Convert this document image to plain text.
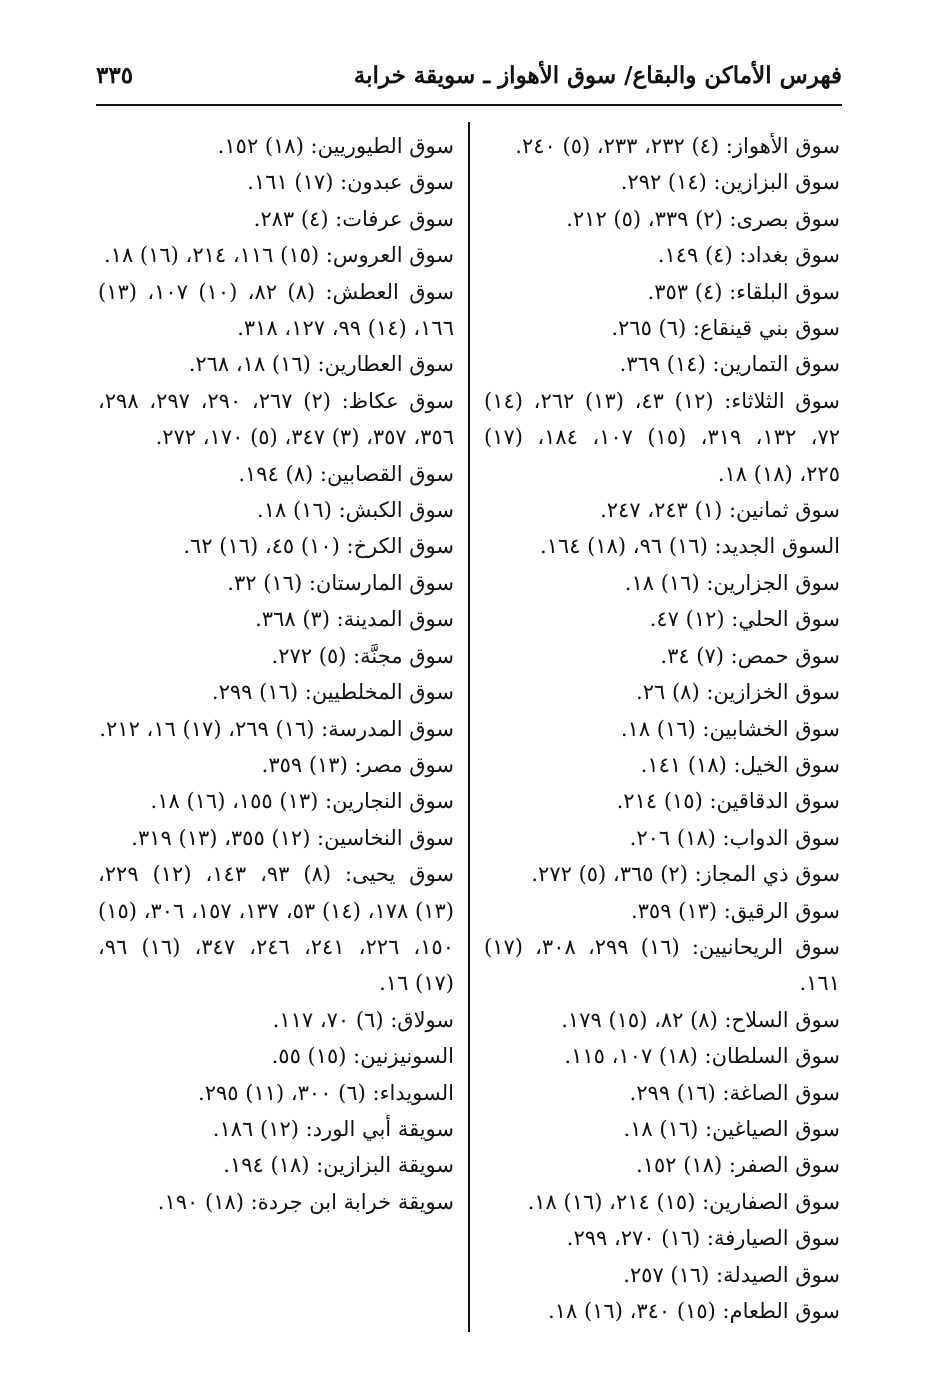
فهرس الأماكن والبقاع/ سوق الأهواز ـ سويقة خرابة
٣٣٥

سوق الأهواز: (٤) ٢٣٢، ٢٣٣، (٥) ٢٤٠.

سوق البزازين: (١٤) ٢٩٢.

سوق بصرى: (٢) ٣٣٩، (٥) ٢١٢.

سوق بغداد: (٤) ١٤٩.

سوق البلقاء: (٤) ٣٥٣.

سوق بني قينقاع: (٦) ٢٦٥.

سوق التمارين: (١٤) ٣٦٩.

سوق الثلاثاء: (١٢) ٤٣، (١٣) ٢٦٢، (١٤) ٧٢، ١٣٢، ٣١٩، (١٥) ١٠٧، ١٨٤، (١٧) ٢٢٥، (١٨) ١٨.

سوق ثمانين: (١) ٢٤٣، ٢٤٧.

السوق الجديد: (١٦) ٩٦، (١٨) ١٦٤.

سوق الجزارين: (١٦) ١٨.

سوق الحلي: (١٢) ٤٧.

سوق حمص: (٧) ٣٤.

سوق الخزازين: (٨) ٢٦.

سوق الخشابين: (١٦) ١٨.

سوق الخيل: (١٨) ١٤١.

سوق الدقاقين: (١٥) ٢١٤.

سوق الدواب: (١٨) ٢٠٦.

سوق ذي المجاز: (٢) ٣٦٥، (٥) ٢٧٢.

سوق الرقيق: (١٣) ٣٥٩.

سوق الريحانيين: (١٦) ٢٩٩، ٣٠٨، (١٧) ١٦١.

سوق السلاح: (٨) ٨٢، (١٥) ١٧٩.

سوق السلطان: (١٨) ١٠٧، ١١٥.

سوق الصاغة: (١٦) ٢٩٩.

سوق الصياغين: (١٦) ١٨.

سوق الصفر: (١٨) ١٥٢.

سوق الصفارين: (١٥) ٢١٤، (١٦) ١٨.

سوق الصيارفة: (١٦) ٢٧٠، ٢٩٩.

سوق الصيدلة: (١٦) ٢٥٧.

سوق الطعام: (١٥) ٣٤٠، (١٦) ١٨.

سوق الطيوريين: (١٨) ١٥٢.

سوق عبدون: (١٧) ١٦١.

سوق عرفات: (٤) ٢٨٣.

سوق العروس: (١٥) ١١٦، ٢١٤، (١٦) ١٨.

سوق العطش: (٨) ٨٢، (١٠) ١٠٧، (١٣) ١٦٦، (١٤) ٩٩، ١٢٧، ٣١٨.

سوق العطارين: (١٦) ١٨، ٢٦٨.

سوق عكاظ: (٢) ٢٦٧، ٢٩٠، ٢٩٧، ٢٩٨، ٣٥٦، ٣٥٧، (٣) ٣٤٧، (٥) ١٧٠، ٢٧٢.

سوق القصابين: (٨) ١٩٤.

سوق الكبش: (١٦) ١٨.

سوق الكرخ: (١٠) ٤٥، (١٦) ٦٢.

سوق المارستان: (١٦) ٣٢.

سوق المدينة: (٣) ٣٦٨.

سوق مجنَّة: (٥) ٢٧٢.

سوق المخلطيين: (١٦) ٢٩٩.

سوق المدرسة: (١٦) ٢٦٩، (١٧) ١٦، ٢١٢.

سوق مصر: (١٣) ٣٥٩.

سوق النجارين: (١٣) ١٥٥، (١٦) ١٨.

سوق النخاسين: (١٢) ٣٥٥، (١٣) ٣١٩.

سوق يحيى: (٨) ٩٣، ١٤٣، (١٢) ٢٢٩، (١٣) ١٧٨، (١٤) ٥٣، ١٣٧، ١٥٧، ٣٠٦، (١٥) ١٥٠، ٢٢٦، ٢٤١، ٢٤٦، ٣٤٧، (١٦) ٩٦، (١٧) ١٦.

سولاق: (٦) ٧٠، ١١٧.

السونيزنين: (١٥) ٥٥.

السويداء: (٦) ٣٠٠، (١١) ٢٩٥.

سويقة أبي الورد: (١٢) ١٨٦.

سويقة البزازين: (١٨) ١٩٤.

سويقة خرابة ابن جردة: (١٨) ١٩٠.
